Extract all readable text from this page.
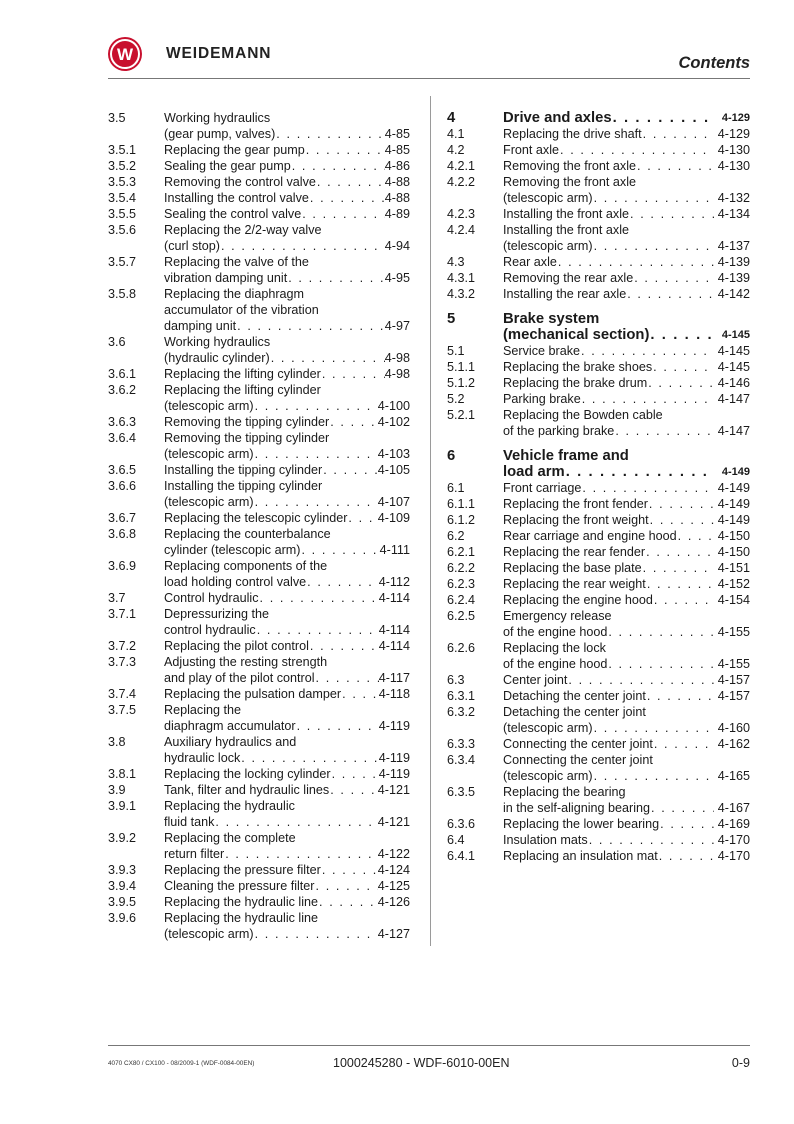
W WEIDEMANN
Contents
3.5	Working hydraulics
(gear pump, valves) . . .	4-85
3.5.1	Replacing the gear pump . . .	4-85
3.5.2	Sealing the gear pump . . .	4-86
3.5.3	Removing the control valve . . .	4-88
3.5.4	Installing the control valve . . .	4-88
3.5.5	Sealing the control valve . . .	4-89
3.5.6	Replacing the 2/2-way valve
(curl stop) . . .	4-94
3.5.7	Replacing the valve of the
vibration damping unit . . .	4-95
3.5.8	Replacing the diaphragm
accumulator of the vibration
damping unit . . .	4-97
3.6	Working hydraulics
(hydraulic cylinder) . . .	4-98
3.6.1	Replacing the lifting cylinder . . .	4-98
3.6.2	Replacing the lifting cylinder
(telescopic arm) . . .	4-100
3.6.3	Removing the tipping cylinder . . .	4-102
3.6.4	Removing the tipping cylinder
(telescopic arm) . . .	4-103
3.6.5	Installing the tipping cylinder . . .	4-105
3.6.6	Installing the tipping cylinder
(telescopic arm) . . .	4-107
3.6.7	Replacing the telescopic cylinder . . . 4-109
3.6.8	Replacing the counterbalance
cylinder (telescopic arm) . . .	4-111
3.6.9	Replacing components of the
load holding control valve . . .	4-112
3.7	Control hydraulic . . .	4-114
3.7.1	Depressurizing the
control hydraulic . . .	4-114
3.7.2	Replacing the pilot control . . .	4-114
3.7.3	Adjusting the resting strength
and play of the pilot control . . .	4-117
3.7.4	Replacing the pulsation damper . . .	4-118
3.7.5	Replacing the
diaphragm accumulator . . .	4-119
3.8	Auxiliary hydraulics and
hydraulic lock . . .	4-119
3.8.1	Replacing the locking cylinder . . .	4-119
3.9	Tank, filter and hydraulic lines . . .	4-121
3.9.1	Replacing the hydraulic
fluid tank . . .	4-121
3.9.2	Replacing the complete
return filter . . .	4-122
3.9.3	Replacing the pressure filter . . .	4-124
3.9.4	Cleaning the pressure filter . . .	4-125
3.9.5	Replacing the hydraulic line . . .	4-126
3.9.6	Replacing the hydraulic line
(telescopic arm) . . .	4-127
4	Drive and axles . . .	4-129
4.1	Replacing the drive shaft . . .	4-129
4.2	Front axle . . .	4-130
4.2.1	Removing the front axle . . .	4-130
4.2.2	Removing the front axle
(telescopic arm) . . .	4-132
4.2.3	Installing the front axle . . .	4-134
4.2.4	Installing the front axle
(telescopic arm) . . .	4-137
4.3	Rear axle . . .	4-139
4.3.1	Removing the rear axle . . .	4-139
4.3.2	Installing the rear axle . . .	4-142
5	Brake system
(mechanical section) . . .	4-145
5.1	Service brake . . .	4-145
5.1.1	Replacing the brake shoes . . .	4-145
5.1.2	Replacing the brake drum . . .	4-146
5.2	Parking brake . . .	4-147
5.2.1	Replacing the Bowden cable
of the parking brake . . .	4-147
6	Vehicle frame and
load arm . . .	4-149
6.1	Front carriage . . .	4-149
6.1.1	Replacing the front fender . . .	4-149
6.1.2	Replacing the front weight . . .	4-149
6.2	Rear carriage and engine hood . . .	4-150
6.2.1	Replacing the rear fender . . .	4-150
6.2.2	Replacing the base plate . . .	4-151
6.2.3	Replacing the rear weight . . .	4-152
6.2.4	Replacing the engine hood . . .	4-154
6.2.5	Emergency release
of the engine hood . . .	4-155
6.2.6	Replacing the lock
of the engine hood . . .	4-155
6.3	Center joint . . .	4-157
6.3.1	Detaching the center joint . . .	4-157
6.3.2	Detaching the center joint
(telescopic arm) . . .	4-160
6.3.3	Connecting the center joint . . .	4-162
6.3.4	Connecting the center joint
(telescopic arm) . . .	4-165
6.3.5	Replacing the bearing
in the self-aligning bearing . . .	4-167
6.3.6	Replacing the lower bearing . . .	4-169
6.4	Insulation mats . . .	4-170
6.4.1	Replacing an insulation mat . . .	4-170
4070 CX80 / CX100 - 08/2009-1 (WDF-0084-00EN)	1000245280 - WDF-6010-00EN	0-9
